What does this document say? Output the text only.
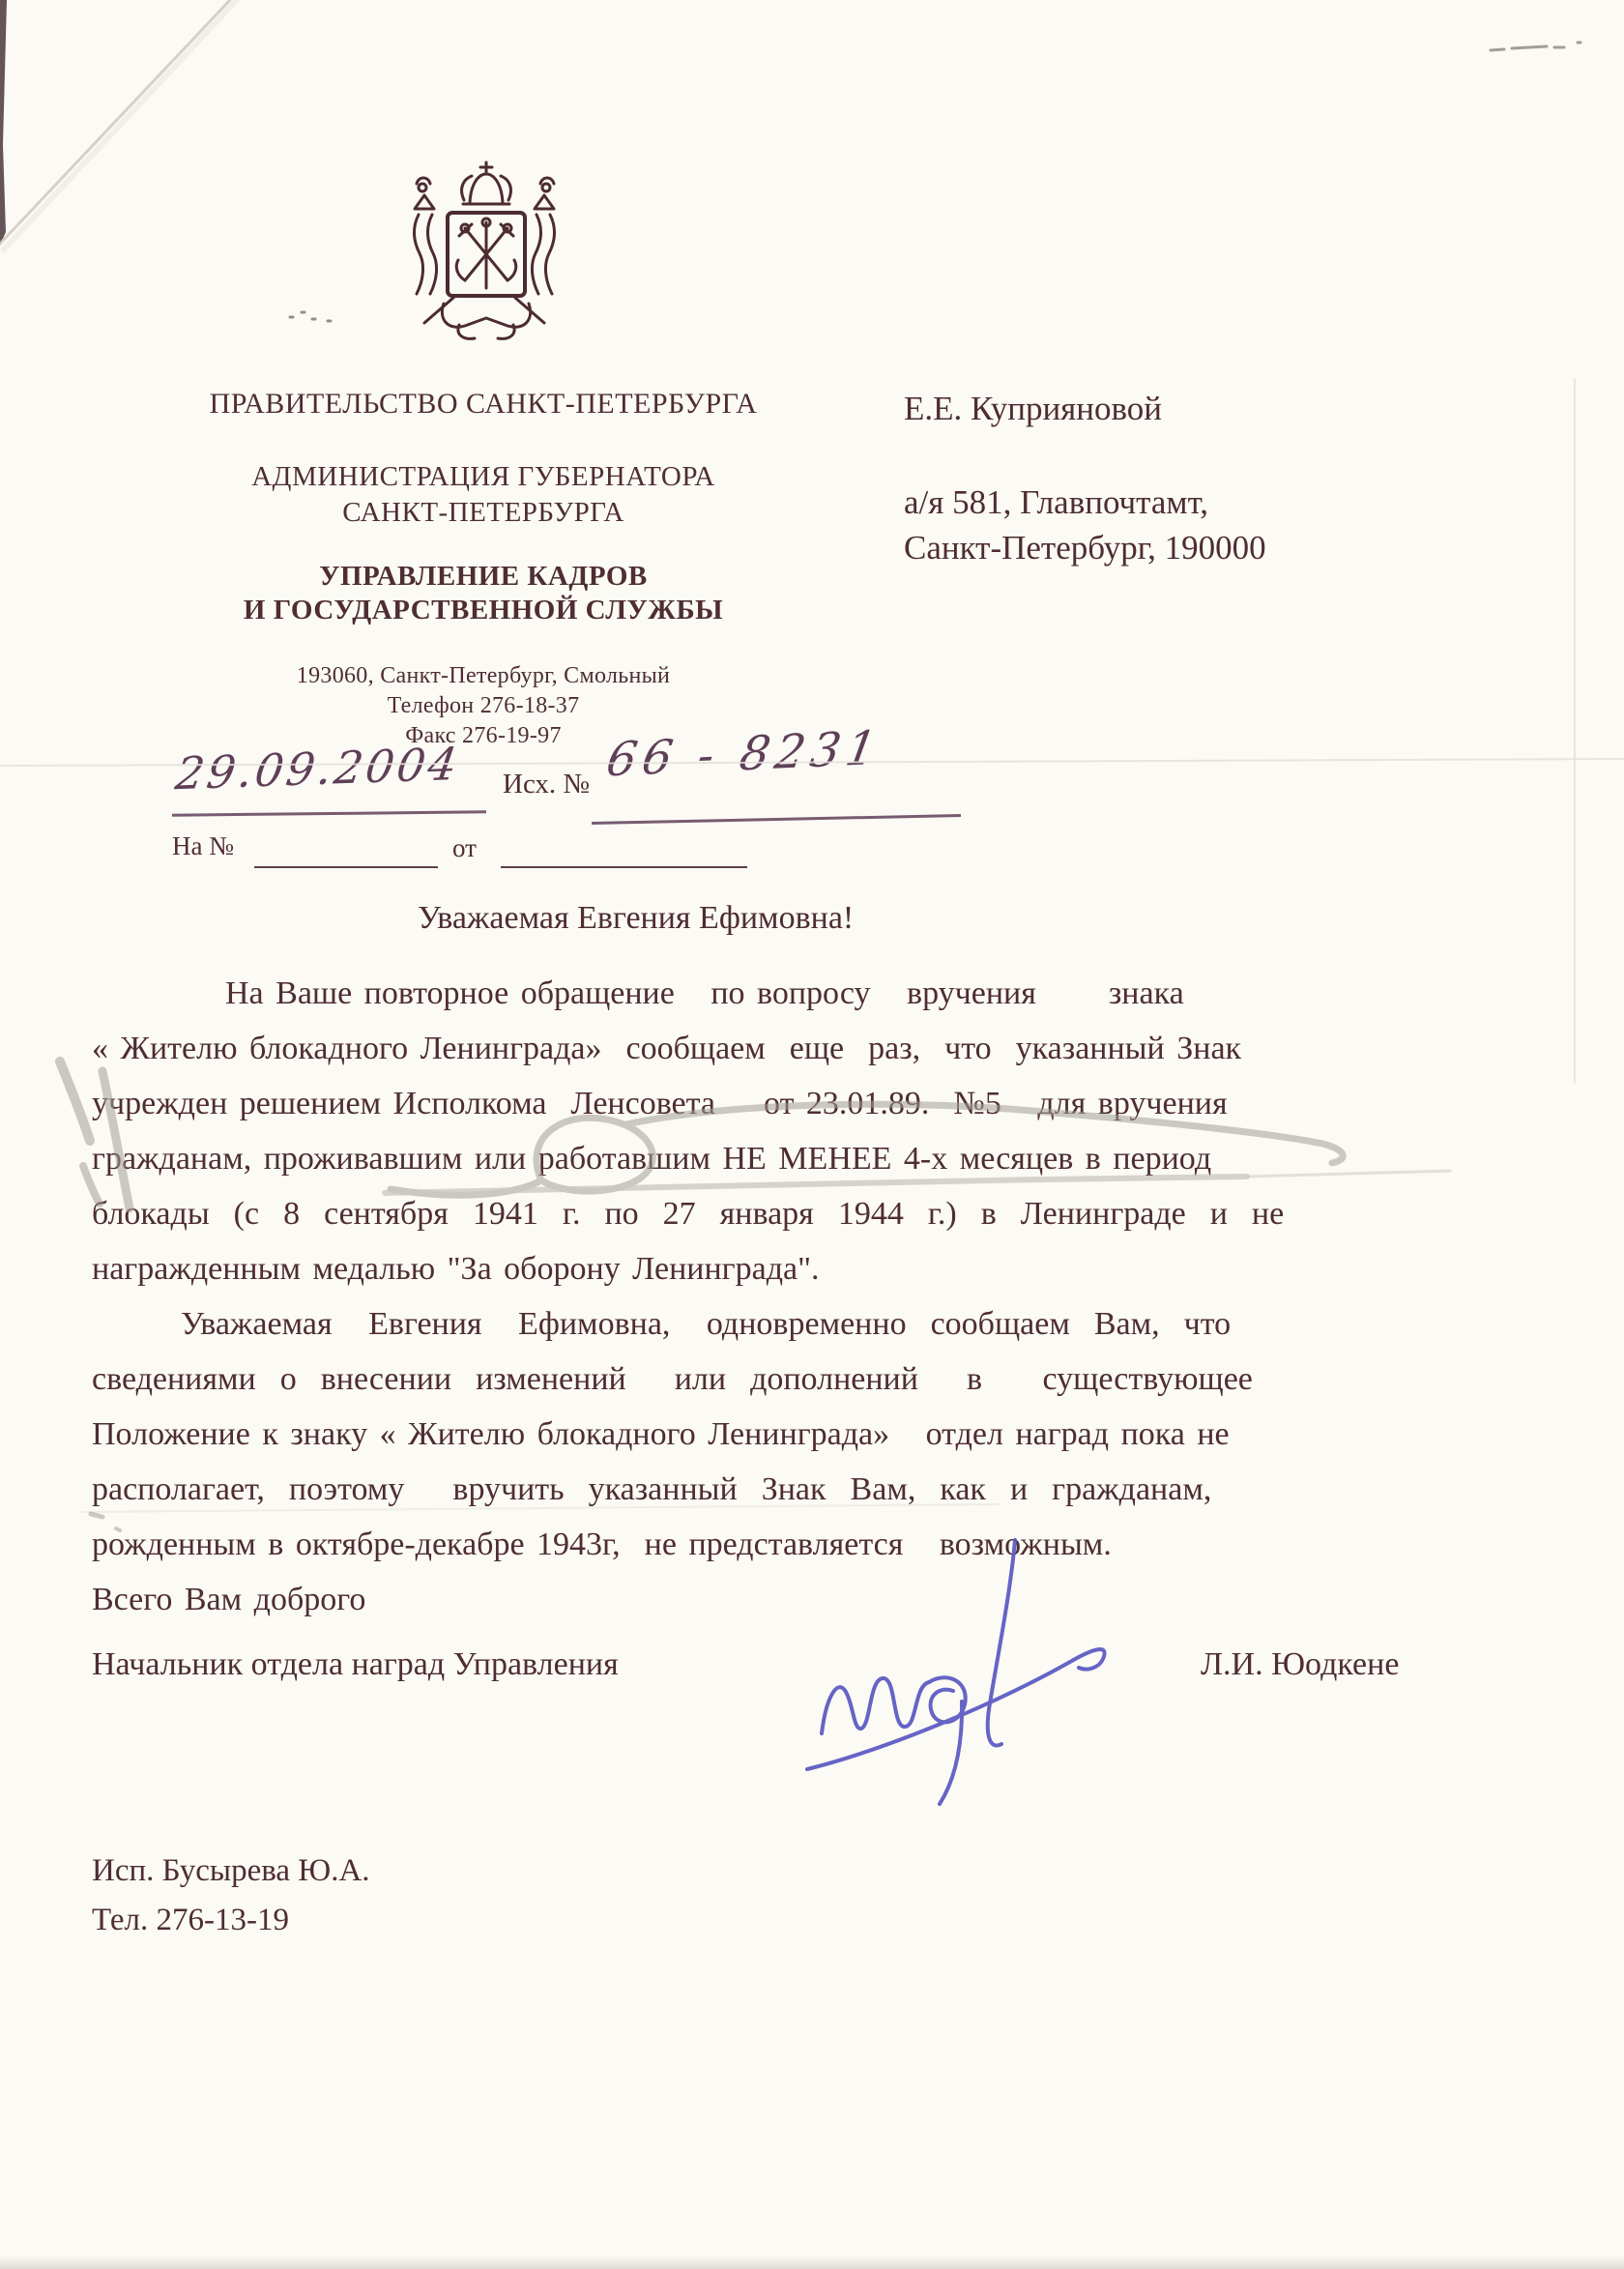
ПРАВИТЕЛЬСТВО САНКТ-ПЕТЕРБУРГА
АДМИНИСТРАЦИЯ ГУБЕРНАТОРА
САНКТ-ПЕТЕРБУРГА
УПРАВЛЕНИЕ КАДРОВ
И ГОСУДАРСТВЕННОЙ СЛУЖБЫ
193060, Санкт-Петербург, Смольный
Телефон 276-18-37
Факс 276-19-97
Е.Е. Куприяновой
а/я 581, Главпочтамт,
Санкт-Петербург, 190000
29.09.2004 Исх. № 66 - 8231
На №	от
Уважаемая Евгения Ефимовна!
На Ваше повторное обращение   по вопросу   вручения      знака
« Жителю блокадного Ленинграда»  сообщаем  еще  раз,  что  указанный Знак
учрежден решением Исполкома  Ленсовета    от 23.01.89.  №5   для вручения
гражданам, проживавшим или работавшим НЕ МЕНЕЕ 4-х месяцев в период
блокады  (с  8  сентября  1941  г.  по  27  января  1944  г.)  в  Ленинграде  и  не
награжденным медалью "За оборону Ленинграда".
Уважаемая   Евгения   Ефимовна,   одновременно  сообщаем  Вам,  что
сведениями  о  внесении  изменений    или  дополнений    в     существующее
Положение к знаку « Жителю блокадного Ленинграда»   отдел наград пока не
располагает,  поэтому    вручить  указанный  Знак  Вам,  как  и  гражданам,
рожденным в октябре-декабре 1943г,  не представляется   возможным.
Всего Вам доброго
Начальник отдела наград Управления	Л.И. Юодкене
Исп. Бусырева Ю.А.
Тел. 276-13-19
